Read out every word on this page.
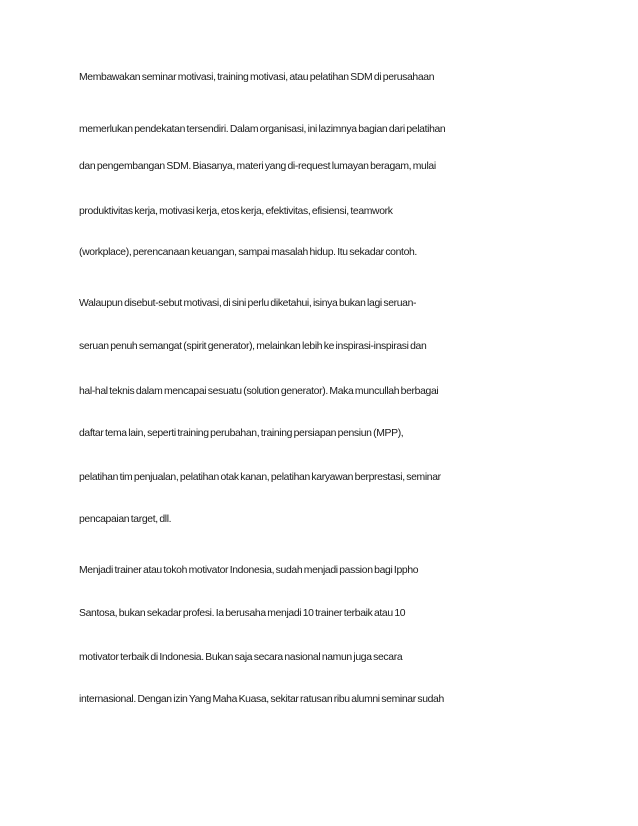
Membawakan seminar motivasi, training motivasi, atau pelatihan SDM di perusahaan
memerlukan pendekatan tersendiri. Dalam organisasi, ini lazimnya bagian dari pelatihan
dan pengembangan SDM. Biasanya, materi yang di-request lumayan beragam, mulai
produktivitas kerja, motivasi kerja, etos kerja, efektivitas, efisiensi, teamwork
(workplace), perencanaan keuangan, sampai masalah hidup. Itu sekadar contoh.
Walaupun disebut-sebut motivasi, di sini perlu diketahui, isinya bukan lagi seruan-
seruan penuh semangat (spirit generator), melainkan lebih ke inspirasi-inspirasi dan
hal-hal teknis dalam mencapai sesuatu (solution generator). Maka muncullah berbagai
daftar tema lain, seperti training perubahan, training persiapan pensiun (MPP),
pelatihan tim penjualan, pelatihan otak kanan, pelatihan karyawan berprestasi, seminar
pencapaian target, dll.
Menjadi trainer atau tokoh motivator Indonesia, sudah menjadi passion bagi Ippho
Santosa, bukan sekadar profesi. Ia berusaha menjadi 10 trainer terbaik atau 10
motivator terbaik di Indonesia. Bukan saja secara nasional namun juga secara
internasional. Dengan izin Yang Maha Kuasa, sekitar ratusan ribu alumni seminar sudah
